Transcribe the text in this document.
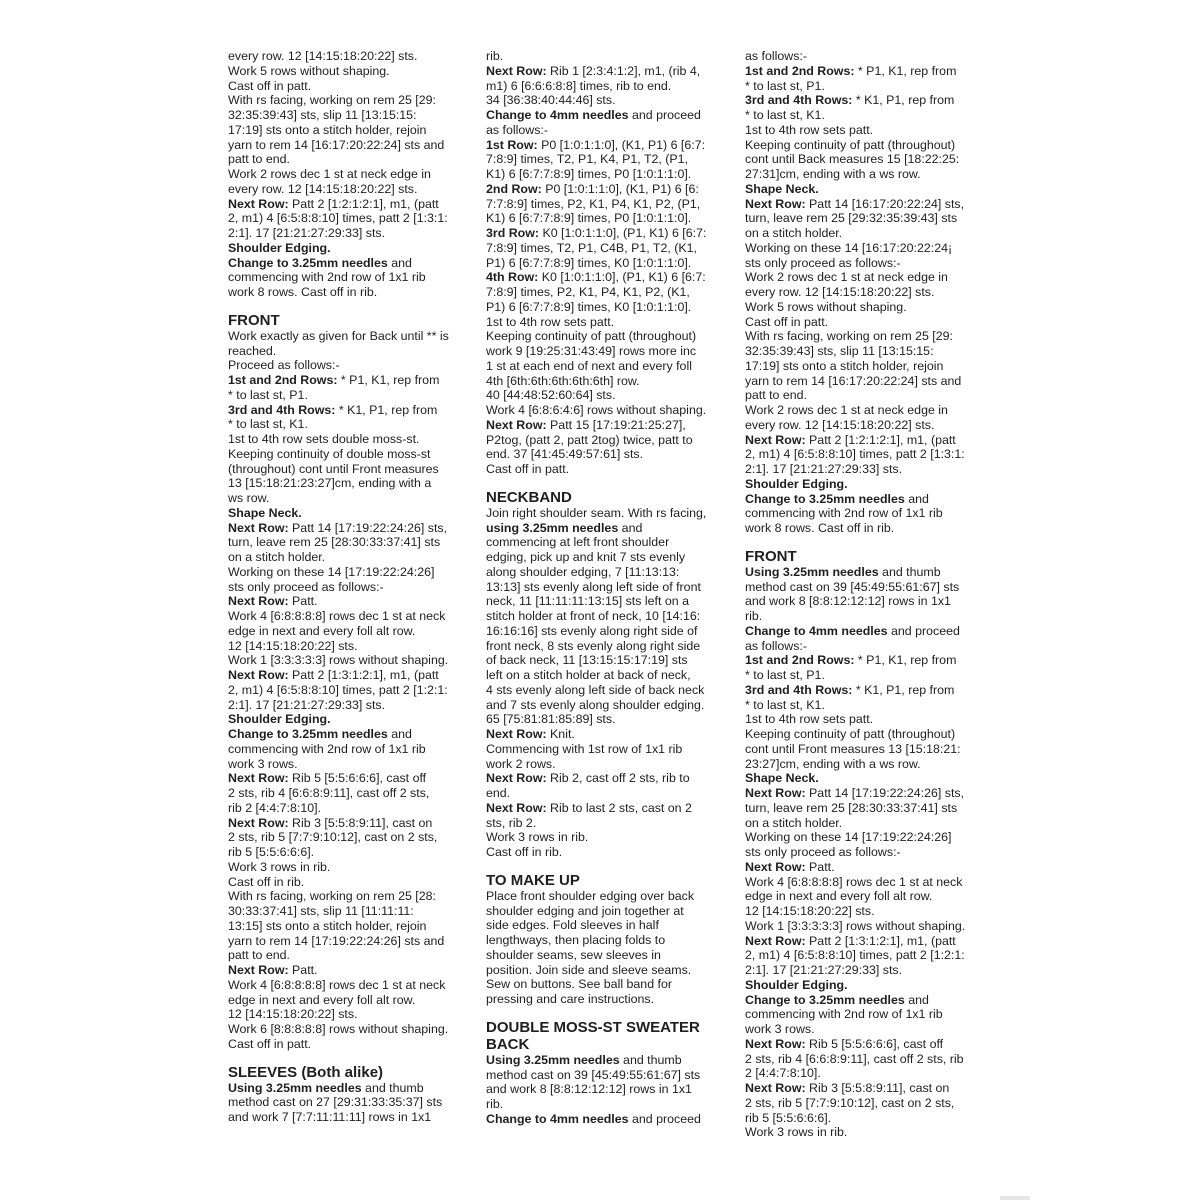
every row. 12 [14:15:18:20:22] sts.
Work 5 rows without shaping.
Cast off in patt.
With rs facing, working on rem 25 [29:
32:35:39:43] sts, slip 11 [13:15:15:
17:19] sts onto a stitch holder, rejoin
yarn to rem 14 [16:17:20:22:24] sts and
patt to end.
Work 2 rows dec 1 st at neck edge in
every row. 12 [14:15:18:20:22] sts.
Next Row: Patt 2 [1:2:1:2:1], m1, (patt
2, m1) 4 [6:5:8:8:10] times, patt 2 [1:3:1:
2:1]. 17 [21:21:27:29:33] sts.
Shoulder Edging.
Change to 3.25mm needles and
commencing with 2nd row of 1x1 rib
work 8 rows. Cast off in rib.
FRONT
Work exactly as given for Back until ** is
reached.
Proceed as follows:-
1st and 2nd Rows: * P1, K1, rep from
* to last st, P1.
3rd and 4th Rows: * K1, P1, rep from
* to last st, K1.
1st to 4th row sets double moss-st.
Keeping continuity of double moss-st
(throughout) cont until Front measures
13 [15:18:21:23:27]cm, ending with a
ws row.
Shape Neck.
Next Row: Patt 14 [17:19:22:24:26] sts,
turn, leave rem 25 [28:30:33:37:41] sts
on a stitch holder.
Working on these 14 [17:19:22:24:26]
sts only proceed as follows:-
Next Row: Patt.
Work 4 [6:8:8:8:8] rows dec 1 st at neck
edge in next and every foll alt row.
12 [14:15:18:20:22] sts.
Work 1 [3:3:3:3:3] rows without shaping.
Next Row: Patt 2 [1:3:1:2:1], m1, (patt
2, m1) 4 [6:5:8:8:10] times, patt 2 [1:2:1:
2:1]. 17 [21:21:27:29:33] sts.
Shoulder Edging.
Change to 3.25mm needles and
commencing with 2nd row of 1x1 rib
work 3 rows.
Next Row: Rib 5 [5:5:6:6:6], cast off
2 sts, rib 4 [6:6:8:9:11], cast off 2 sts,
rib 2 [4:4:7:8:10].
Next Row: Rib 3 [5:5:8:9:11], cast on
2 sts, rib 5 [7:7:9:10:12], cast on 2 sts,
rib 5 [5:5:6:6:6].
Work 3 rows in rib.
Cast off in rib.
With rs facing, working on rem 25 [28:
30:33:37:41] sts, slip 11 [11:11:11:
13:15] sts onto a stitch holder, rejoin
yarn to rem 14 [17:19:22:24:26] sts and
patt to end.
Next Row: Patt.
Work 4 [6:8:8:8:8] rows dec 1 st at neck
edge in next and every foll alt row.
12 [14:15:18:20:22] sts.
Work 6 [8:8:8:8:8] rows without shaping.
Cast off in patt.
SLEEVES (Both alike)
Using 3.25mm needles and thumb
method cast on 27 [29:31:33:35:37] sts
and work 7 [7:7:11:11:11] rows in 1x1
rib.
Next Row: Rib 1 [2:3:4:1:2], m1, (rib 4,
m1) 6 [6:6:6:8:8] times, rib to end.
34 [36:38:40:44:46] sts.
Change to 4mm needles and proceed
as follows:-
1st Row: P0 [1:0:1:1:0], (K1, P1) 6 [6:7:
7:8:9] times, T2, P1, K4, P1, T2, (P1,
K1) 6 [6:7:7:8:9] times, P0 [1:0:1:1:0].
2nd Row: P0 [1:0:1:1:0], (K1, P1) 6 [6:
7:7:8:9] times, P2, K1, P4, K1, P2, (P1,
K1) 6 [6:7:7:8:9] times, P0 [1:0:1:1:0].
3rd Row: K0 [1:0:1:1:0], (P1, K1) 6 [6:7:
7:8:9] times, T2, P1, C4B, P1, T2, (K1,
P1) 6 [6:7:7:8:9] times, K0 [1:0:1:1:0].
4th Row: K0 [1:0:1:1:0], (P1, K1) 6 [6:7:
7:8:9] times, P2, K1, P4, K1, P2, (K1,
P1) 6 [6:7:7:8:9] times, K0 [1:0:1:1:0].
1st to 4th row sets patt.
Keeping continuity of patt (throughout)
work 9 [19:25:31:43:49] rows more inc
1 st at each end of next and every foll
4th [6th:6th:6th:6th:6th] row.
40 [44:48:52:60:64] sts.
Work 4 [6:8:6:4:6] rows without shaping.
Next Row: Patt 15 [17:19:21:25:27],
P2tog, (patt 2, patt 2tog) twice, patt to
end. 37 [41:45:49:57:61] sts.
Cast off in patt.
NECKBAND
Join right shoulder seam. With rs facing,
using 3.25mm needles and
commencing at left front shoulder
edging, pick up and knit 7 sts evenly
along shoulder edging, 7 [11:13:13:
13:13] sts evenly along left side of front
neck, 11 [11:11:11:13:15] sts left on a
stitch holder at front of neck, 10 [14:16:
16:16:16] sts evenly along right side of
front neck, 8 sts evenly along right side
of back neck, 11 [13:15:15:17:19] sts
left on a stitch holder at back of neck,
4 sts evenly along left side of back neck
and 7 sts evenly along shoulder edging.
65 [75:81:81:85:89] sts.
Next Row: Knit.
Commencing with 1st row of 1x1 rib
work 2 rows.
Next Row: Rib 2, cast off 2 sts, rib to
end.
Next Row: Rib to last 2 sts, cast on 2
sts, rib 2.
Work 3 rows in rib.
Cast off in rib.
TO MAKE UP
Place front shoulder edging over back
shoulder edging and join together at
side edges. Fold sleeves in half
lengthways, then placing folds to
shoulder seams, sew sleeves in
position. Join side and sleeve seams.
Sew on buttons. See ball band for
pressing and care instructions.
DOUBLE MOSS-ST SWEATER
BACK
Using 3.25mm needles and thumb
method cast on 39 [45:49:55:61:67] sts
and work 8 [8:8:12:12:12] rows in 1x1
rib.
Change to 4mm needles and proceed
as follows:-
1st and 2nd Rows: * P1, K1, rep from
* to last st, P1.
3rd and 4th Rows: * K1, P1, rep from
* to last st, K1.
1st to 4th row sets patt.
Keeping continuity of patt (throughout)
cont until Back measures 15 [18:22:25:
27:31]cm, ending with a ws row.
Shape Neck.
Next Row: Patt 14 [16:17:20:22:24] sts,
turn, leave rem 25 [29:32:35:39:43] sts
on a stitch holder.
Working on these 14 [16:17:20:22:24¡
sts only proceed as follows:-
Work 2 rows dec 1 st at neck edge in
every row. 12 [14:15:18:20:22] sts.
Work 5 rows without shaping.
Cast off in patt.
With rs facing, working on rem 25 [29:
32:35:39:43] sts, slip 11 [13:15:15:
17:19] sts onto a stitch holder, rejoin
yarn to rem 14 [16:17:20:22:24] sts and
patt to end.
Work 2 rows dec 1 st at neck edge in
every row. 12 [14:15:18:20:22] sts.
Next Row: Patt 2 [1:2:1:2:1], m1, (patt
2, m1) 4 [6:5:8:8:10] times, patt 2 [1:3:1:
2:1]. 17 [21:21:27:29:33] sts.
Shoulder Edging.
Change to 3.25mm needles and
commencing with 2nd row of 1x1 rib
work 8 rows. Cast off in rib.
FRONT
Using 3.25mm needles and thumb
method cast on 39 [45:49:55:61:67] sts
and work 8 [8:8:12:12:12] rows in 1x1
rib.
Change to 4mm needles and proceed
as follows:-
1st and 2nd Rows: * P1, K1, rep from
* to last st, P1.
3rd and 4th Rows: * K1, P1, rep from
* to last st, K1.
1st to 4th row sets patt.
Keeping continuity of patt (throughout)
cont until Front measures 13 [15:18:21:
23:27]cm, ending with a ws row.
Shape Neck.
Next Row: Patt 14 [17:19:22:24:26] sts,
turn, leave rem 25 [28:30:33:37:41] sts
on a stitch holder.
Working on these 14 [17:19:22:24:26]
sts only proceed as follows:-
Next Row: Patt.
Work 4 [6:8:8:8:8] rows dec 1 st at neck
edge in next and every foll alt row.
12 [14:15:18:20:22] sts.
Work 1 [3:3:3:3:3] rows without shaping.
Next Row: Patt 2 [1:3:1:2:1], m1, (patt
2, m1) 4 [6:5:8:8:10] times, patt 2 [1:2:1:
2:1]. 17 [21:21:27:29:33] sts.
Shoulder Edging.
Change to 3.25mm needles and
commencing with 2nd row of 1x1 rib
work 3 rows.
Next Row: Rib 5 [5:5:6:6:6], cast off
2 sts, rib 4 [6:6:8:9:11], cast off 2 sts, rib
2 [4:4:7:8:10].
Next Row: Rib 3 [5:5:8:9:11], cast on
2 sts, rib 5 [7:7:9:10:12], cast on 2 sts,
rib 5 [5:5:6:6:6].
Work 3 rows in rib.
